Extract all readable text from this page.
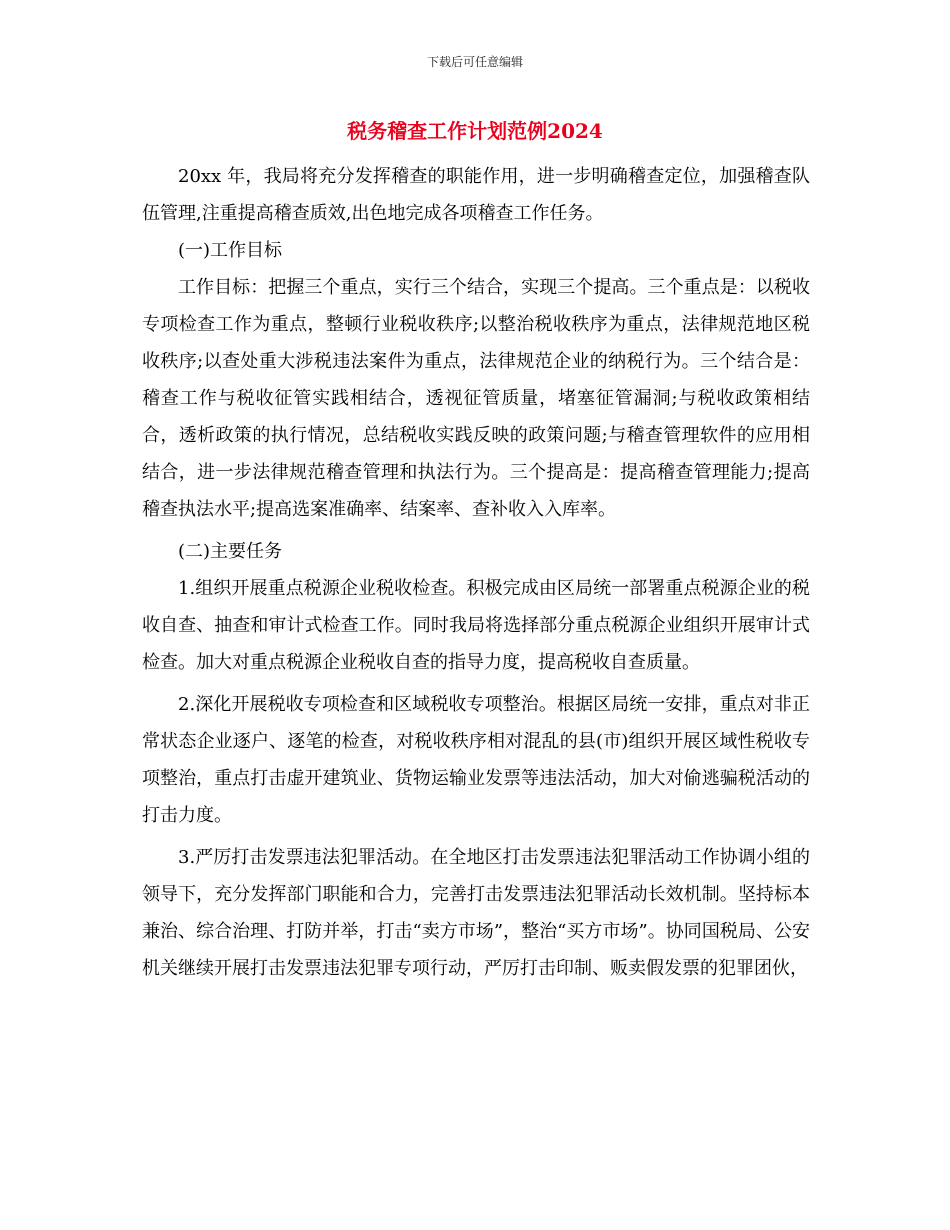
下载后可任意编辑
税务稽查工作计划范例2024

20xx 年，我局将充分发挥稽查的职能作用，进一步明确稽查定位，加强稽查队伍管理,注重提高稽查质效,出色地完成各项稽查工作任务。

(一)工作目标

工作目标：把握三个重点，实行三个结合，实现三个提高。三个重点是：以税收专项检查工作为重点，整顿行业税收秩序;以整治税收秩序为重点，法律规范地区税收秩序;以查处重大涉税违法案件为重点，法律规范企业的纳税行为。三个结合是：稽查工作与税收征管实践相结合，透视征管质量，堵塞征管漏洞;与税收政策相结合，透析政策的执行情况，总结税收实践反映的政策问题;与稽查管理软件的应用相结合，进一步法律规范稽查管理和执法行为。三个提高是：提高稽查管理能力;提高稽查执法水平;提高选案准确率、结案率、查补收入入库率。

(二)主要任务

1.组织开展重点税源企业税收检查。积极完成由区局统一部署重点税源企业的税收自查、抽查和审计式检查工作。同时我局将选择部分重点税源企业组织开展审计式检查。加大对重点税源企业税收自查的指导力度，提高税收自查质量。

2.深化开展税收专项检查和区域税收专项整治。根据区局统一安排，重点对非正常状态企业逐户、逐笔的检查，对税收秩序相对混乱的县(市)组织开展区域性税收专项整治，重点打击虚开建筑业、货物运输业发票等违法活动，加大对偷逃骗税活动的打击力度。

3.严厉打击发票违法犯罪活动。在全地区打击发票违法犯罪活动工作协调小组的领导下，充分发挥部门职能和合力，完善打击发票违法犯罪活动长效机制。坚持标本兼治、综合治理、打防并举，打击“卖方市场”，整治“买方市场”。协同国税局、公安机关继续开展打击发票违法犯罪专项行动，严厉打击印制、贩卖假发票的犯罪团伙，
